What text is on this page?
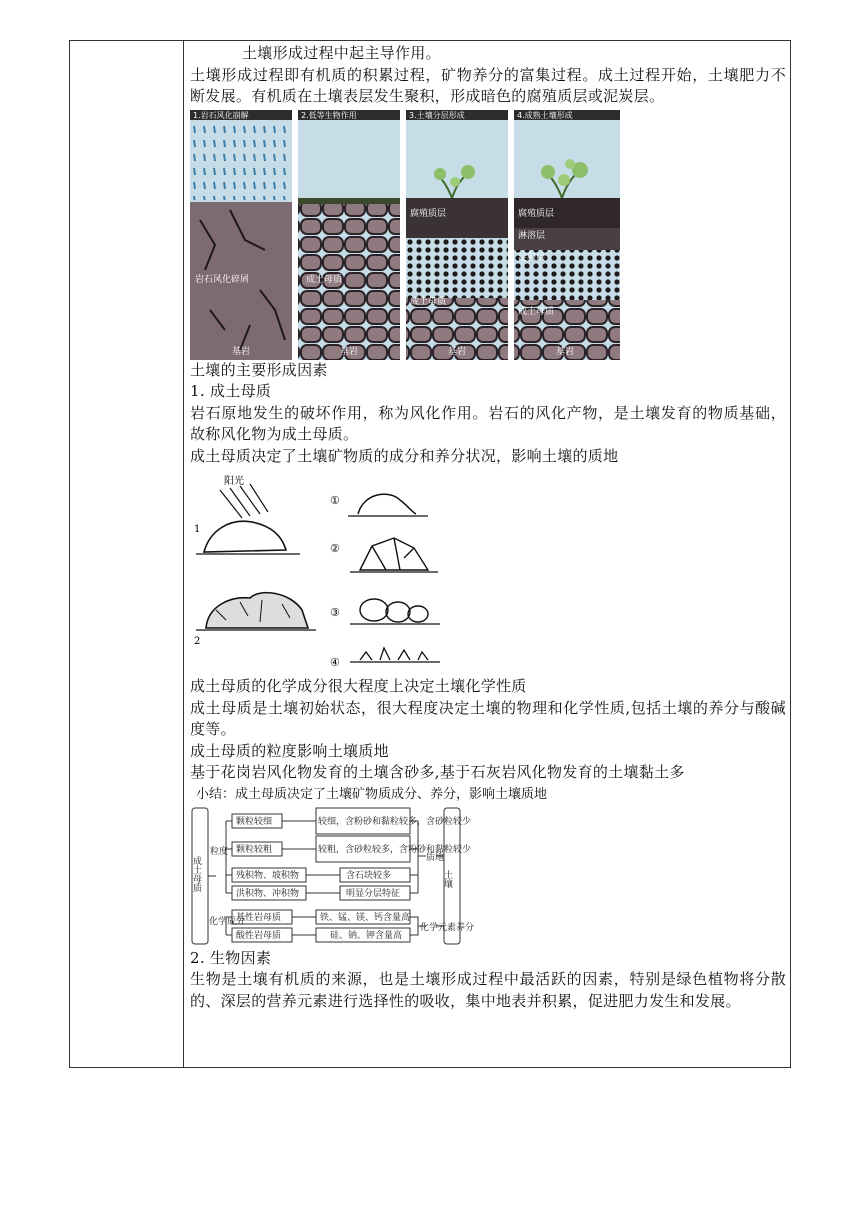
土壤形成过程中起主导作用。

土壤形成过程即有机质的积累过程，矿物养分的富集过程。成土过程开始，土壤肥力不断发展。有机质在土壤表层发生聚积，形成暗色的腐殖质层或泥炭层。

1.岩石风化崩解
岩石风化碎屑
基岩
2.低等生物作用
成土母质
基岩
3.土壤分层形成
腐殖质层
成土母质
基岩
4.成熟土壤形成
腐殖质层
淋溶层
淀积层
成土母质
基岩

土壤的主要形成因素

1. 成土母质

岩石原地发生的破坏作用，称为风化作用。岩石的风化产物，是土壤发育的物质基础，故称风化物为成土母质。

成土母质决定了土壤矿物质的成分和养分状况，影响土壤的质地

阳光
1
2
①
②
③
④

成土母质的化学成分很大程度上决定土壤化学性质

成土母质是土壤初始状态，很大程度决定土壤的物理和化学性质,包括土壤的养分与酸碱度等。

成土母质的粒度影响土壤质地

基于花岗岩风化物发育的土壤含砂多,基于石灰岩风化物发育的土壤黏土多

小结：成土母质决定了土壤矿物质成分、养分，影响土壤质地

成土母质
粒度
化学成分
颗粒较细
颗粒较粗
残积物、坡积物
洪积物、冲积物
基性岩母质
酸性岩母质
较细，含粉砂和黏粒较多，含砂粒较少
较粗，含砂粒较多，含粉砂和黏粒较少
含石块较多
明显分层特征
铁、锰、镁、钙含量高
硅、钠、钾含量高
质地
化学元素养分
土壤

2. 生物因素

生物是土壤有机质的来源，也是土壤形成过程中最活跃的因素，特别是绿色植物将分散的、深层的营养元素进行选择性的吸收，集中地表并积累，促进肥力发生和发展。
